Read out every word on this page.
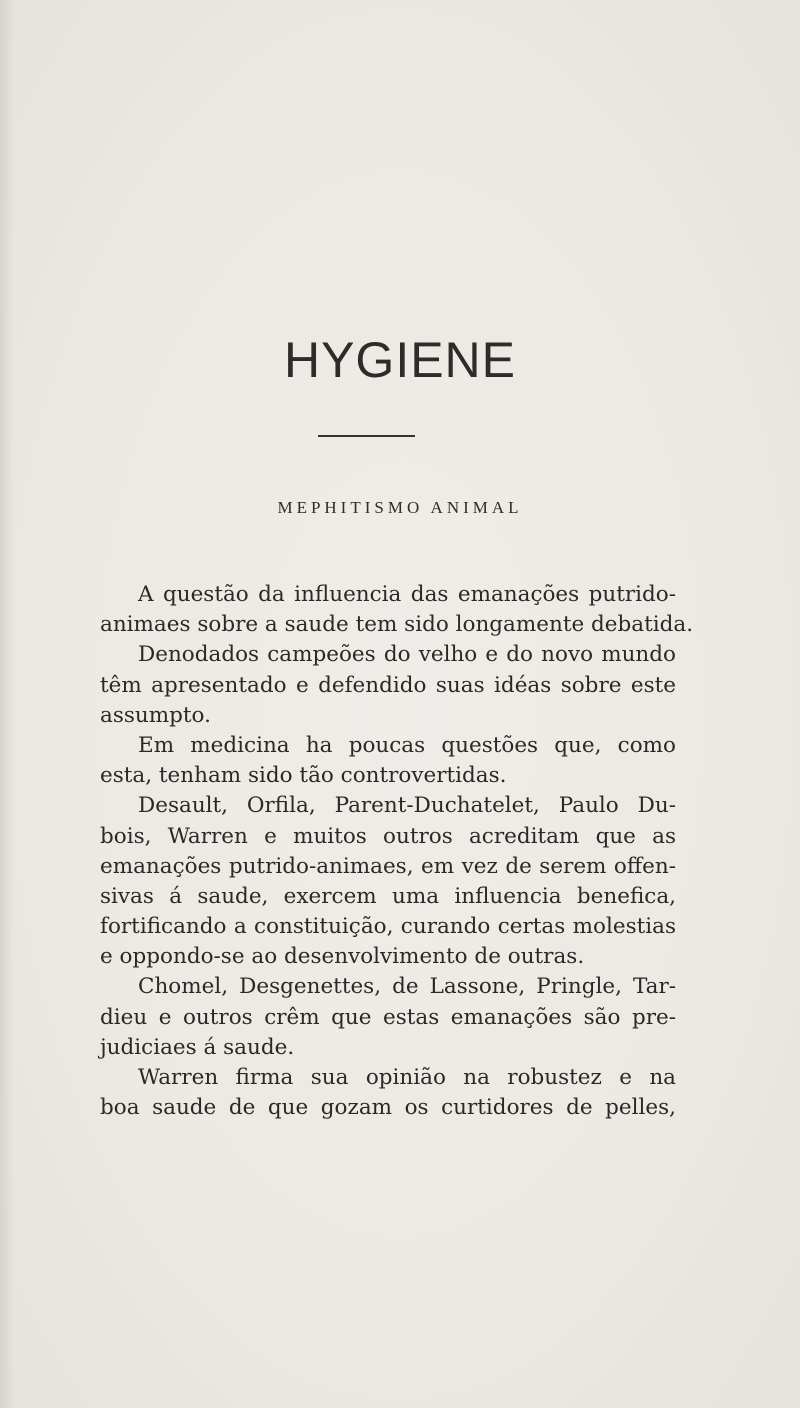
HYGIENE
MEPHITISMO ANIMAL
A questão da influencia das emanações putrido-
animaes sobre a saude tem sido longamente debatida.
Denodados campeões do velho e do novo mundo
têm apresentado e defendido suas idéas sobre este
assumpto.
Em medicina ha poucas questões que, como
esta, tenham sido tão controvertidas.
Desault, Orfila, Parent-Duchatelet, Paulo Du-
bois, Warren e muitos outros acreditam que as
emanações putrido-animaes, em vez de serem offen-
sivas á saude, exercem uma influencia benefica,
fortificando a constituição, curando certas molestias
e oppondo-se ao desenvolvimento de outras.
Chomel, Desgenettes, de Lassone, Pringle, Tar-
dieu e outros crêm que estas emanações são pre-
judiciaes á saude.
Warren firma sua opinião na robustez e na
boa saude de que gozam os curtidores de pelles,
